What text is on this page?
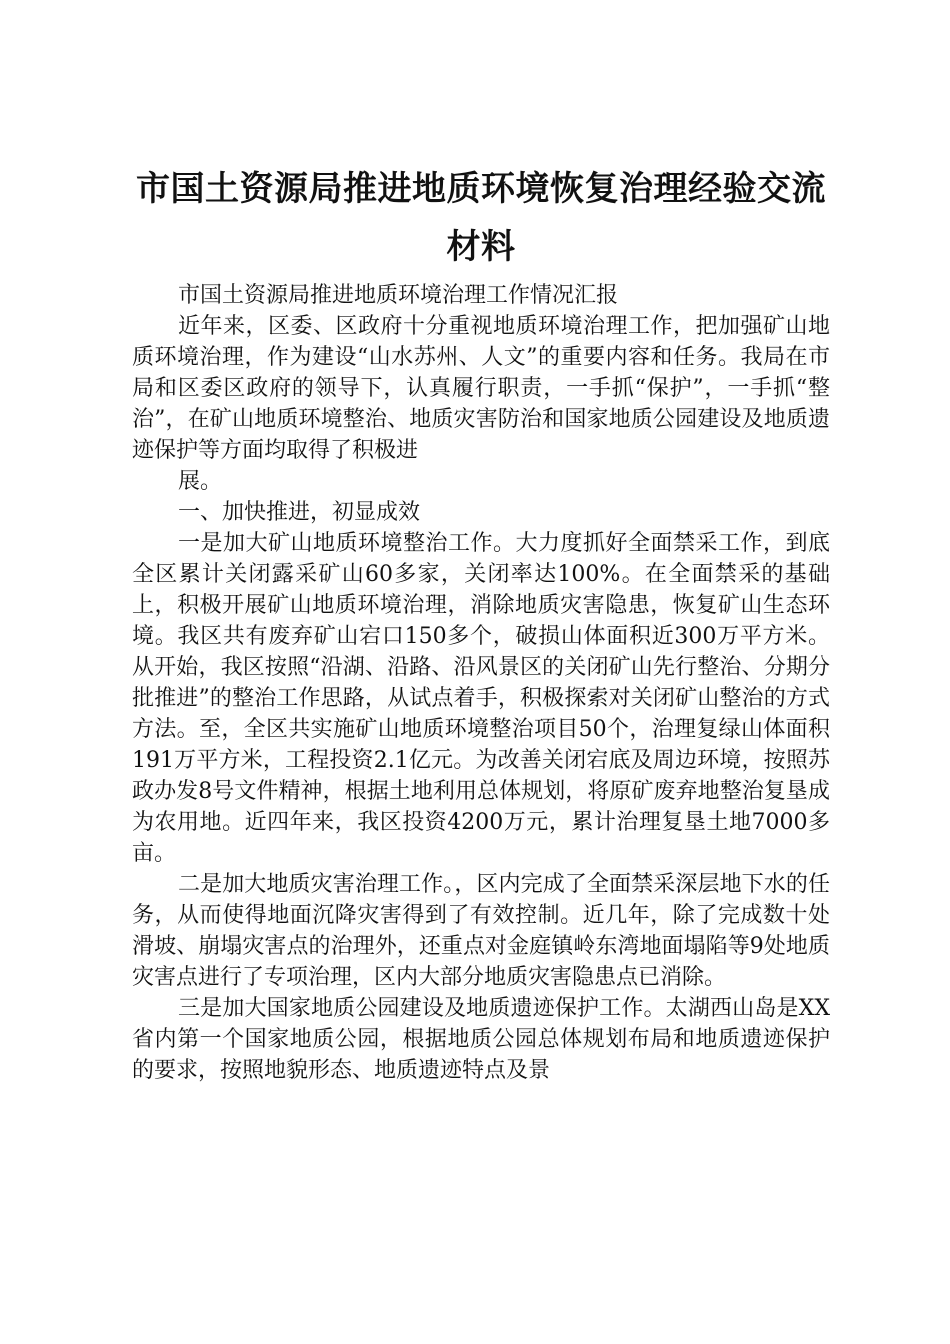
市国土资源局推进地质环境恢复治理经验交流
材料

市国土资源局推进地质环境治理工作情况汇报

近年来，区委、区政府十分重视地质环境治理工作，把加强矿山地质环境治理，作为建设“山水苏州、人文”的重要内容和任务。我局在市局和区委区政府的领导下，认真履行职责，一手抓“保护”，一手抓“整治”，在矿山地质环境整治、地质灾害防治和国家地质公园建设及地质遗迹保护等方面均取得了积极进

展。

一、加快推进，初显成效

一是加大矿山地质环境整治工作。大力度抓好全面禁采工作，到底全区累计关闭露采矿山60多家，关闭率达100%。在全面禁采的基础上，积极开展矿山地质环境治理，消除地质灾害隐患，恢复矿山生态环境。我区共有废弃矿山宕口150多个，破损山体面积近300万平方米。从开始，我区按照“沿湖、沿路、沿风景区的关闭矿山先行整治、分期分批推进”的整治工作思路，从试点着手，积极探索对关闭矿山整治的方式方法。至，全区共实施矿山地质环境整治项目50个，治理复绿山体面积191万平方米，工程投资2.1亿元。为改善关闭宕底及周边环境，按照苏政办发8号文件精神，根据土地利用总体规划，将原矿废弃地整治复垦成为农用地。近四年来，我区投资4200万元，累计治理复垦土地7000多亩。

二是加大地质灾害治理工作。，区内完成了全面禁采深层地下水的任务，从而使得地面沉降灾害得到了有效控制。近几年，除了完成数十处滑坡、崩塌灾害点的治理外，还重点对金庭镇岭东湾地面塌陷等9处地质灾害点进行了专项治理，区内大部分地质灾害隐患点已消除。

三是加大国家地质公园建设及地质遗迹保护工作。太湖西山岛是XX省内第一个国家地质公园，根据地质公园总体规划布局和地质遗迹保护的要求，按照地貌形态、地质遗迹特点及景
